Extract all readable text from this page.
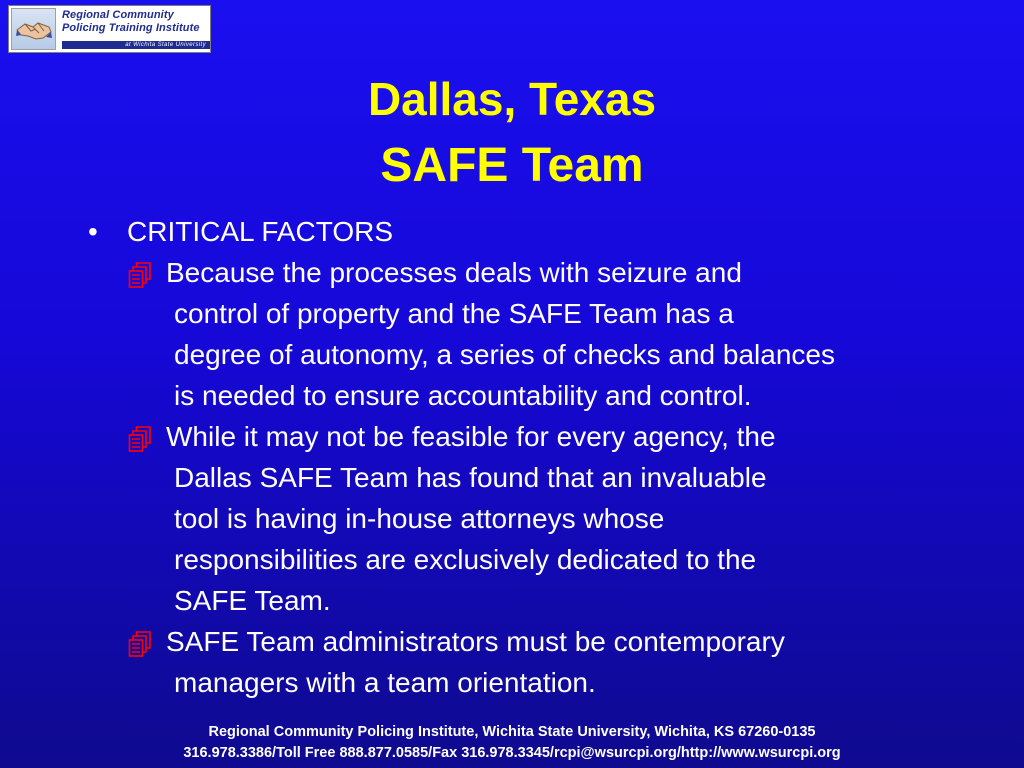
Regional Community
Policing Training Institute
at Wichita State University
Dallas, Texas
SAFE Team
• CRITICAL FACTORS
Because the processes deals with seizure and
control of property and the SAFE Team has a
degree of autonomy, a series of checks and balances
is needed to ensure accountability and control.
While it may not be feasible for every agency, the
Dallas SAFE Team has found that an invaluable
tool is having in-house attorneys whose
responsibilities are exclusively dedicated to the
SAFE Team.
SAFE Team administrators must be contemporary
managers with a team orientation.
Regional Community Policing Institute, Wichita State University, Wichita, KS 67260-0135
316.978.3386/Toll Free 888.877.0585/Fax 316.978.3345/rcpi@wsurcpi.org/http://www.wsurcpi.org
